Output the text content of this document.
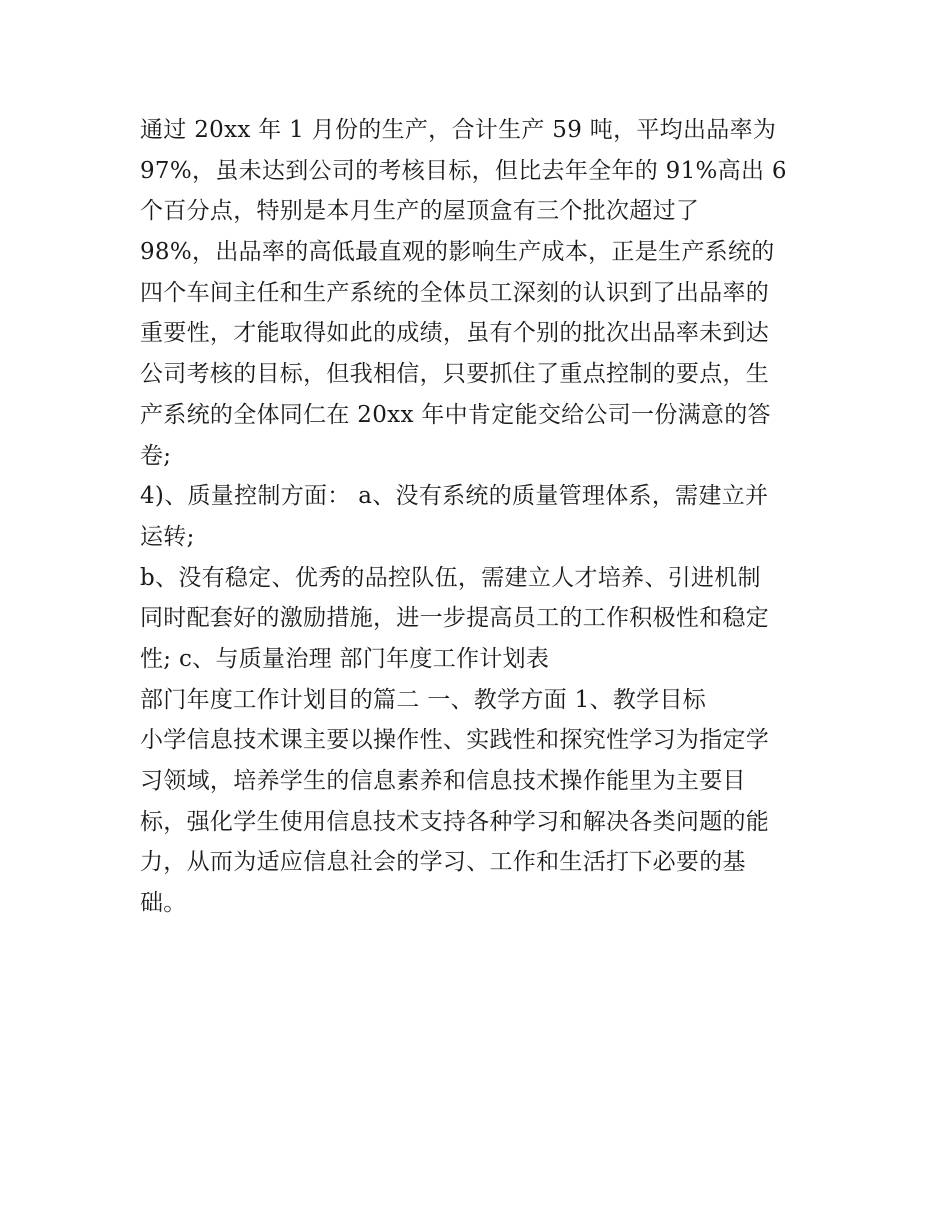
通过 20xx 年 1 月份的生产，合计生产 59 吨，平均出品率为
97%，虽未达到公司的考核目标，但比去年全年的 91%高出 6
个百分点，特别是本月生产的屋顶盒有三个批次超过了
98%，出品率的高低最直观的影响生产成本，正是生产系统的
四个车间主任和生产系统的全体员工深刻的认识到了出品率的
重要性，才能取得如此的成绩，虽有个别的批次出品率未到达
公司考核的目标，但我相信，只要抓住了重点控制的要点，生
产系统的全体同仁在 20xx 年中肯定能交给公司一份满意的答
卷;
4)、质量控制方面： a、没有系统的质量管理体系，需建立并
运转;
b、没有稳定、优秀的品控队伍，需建立人才培养、引进机制
同时配套好的激励措施，进一步提高员工的工作积极性和稳定
性; c、与质量治理 部门年度工作计划表
部门年度工作计划目的篇二 一、教学方面 1、教学目标
小学信息技术课主要以操作性、实践性和探究性学习为指定学
习领域，培养学生的信息素养和信息技术操作能里为主要目
标，强化学生使用信息技术支持各种学习和解决各类问题的能
力，从而为适应信息社会的学习、工作和生活打下必要的基
础。
